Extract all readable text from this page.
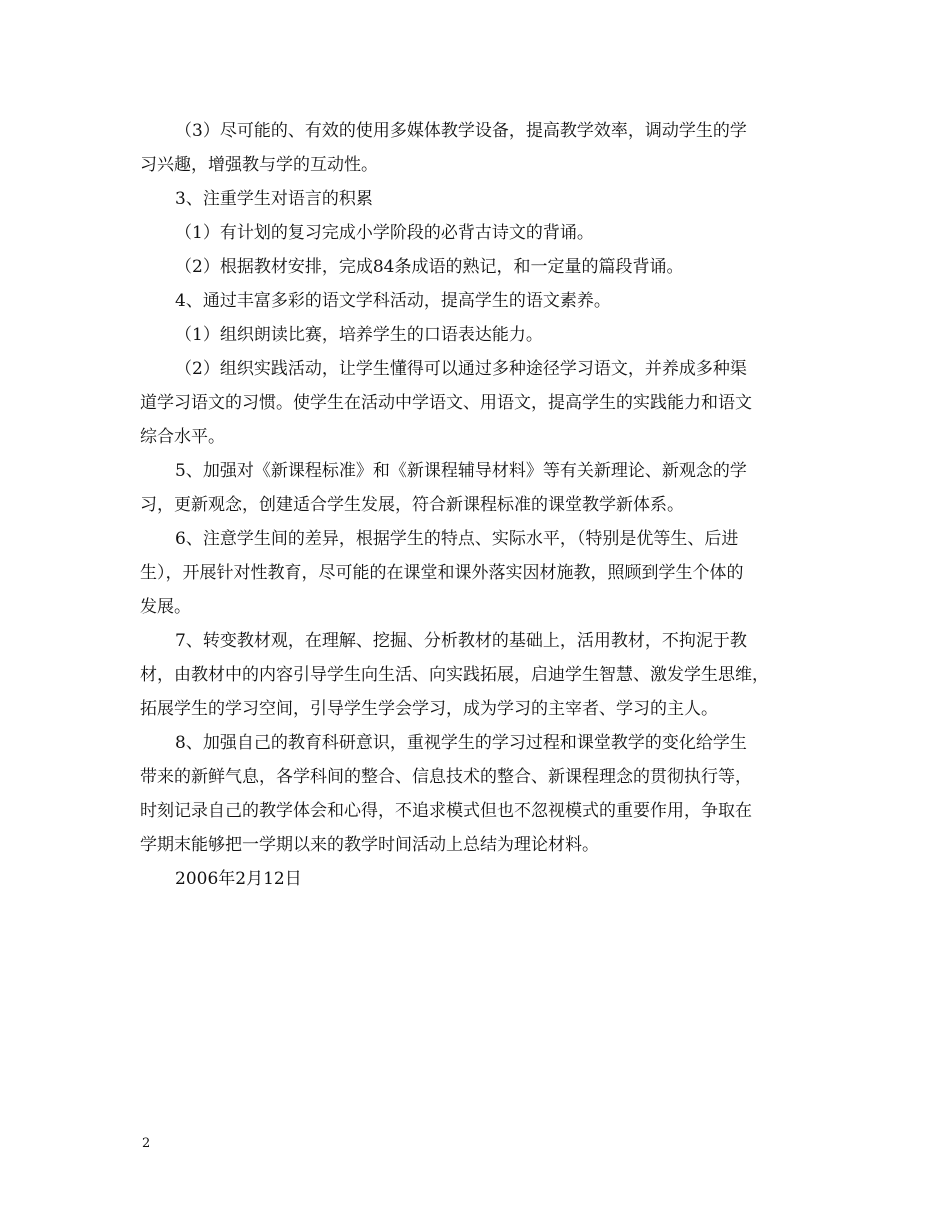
（3）尽可能的、有效的使用多媒体教学设备，提高教学效率，调动学生的学
习兴趣，增强教与学的互动性。
3、注重学生对语言的积累
（1）有计划的复习完成小学阶段的必背古诗文的背诵。
（2）根据教材安排，完成84条成语的熟记，和一定量的篇段背诵。
4、通过丰富多彩的语文学科活动，提高学生的语文素养。
（1）组织朗读比赛，培养学生的口语表达能力。
（2）组织实践活动，让学生懂得可以通过多种途径学习语文，并养成多种渠
道学习语文的习惯。使学生在活动中学语文、用语文，提高学生的实践能力和语文
综合水平。
5、加强对《新课程标准》和《新课程辅导材料》等有关新理论、新观念的学
习，更新观念，创建适合学生发展，符合新课程标准的课堂教学新体系。
6、注意学生间的差异，根据学生的特点、实际水平，（特别是优等生、后进
生），开展针对性教育，尽可能的在课堂和课外落实因材施教，照顾到学生个体的
发展。
7、转变教材观，在理解、挖掘、分析教材的基础上，活用教材，不拘泥于教
材，由教材中的内容引导学生向生活、向实践拓展，启迪学生智慧、激发学生思维，
拓展学生的学习空间，引导学生学会学习，成为学习的主宰者、学习的主人。
8、加强自己的教育科研意识，重视学生的学习过程和课堂教学的变化给学生
带来的新鲜气息，各学科间的整合、信息技术的整合、新课程理念的贯彻执行等，
时刻记录自己的教学体会和心得，不追求模式但也不忽视模式的重要作用，争取在
学期末能够把一学期以来的教学时间活动上总结为理论材料。
2006年2月12日
2
